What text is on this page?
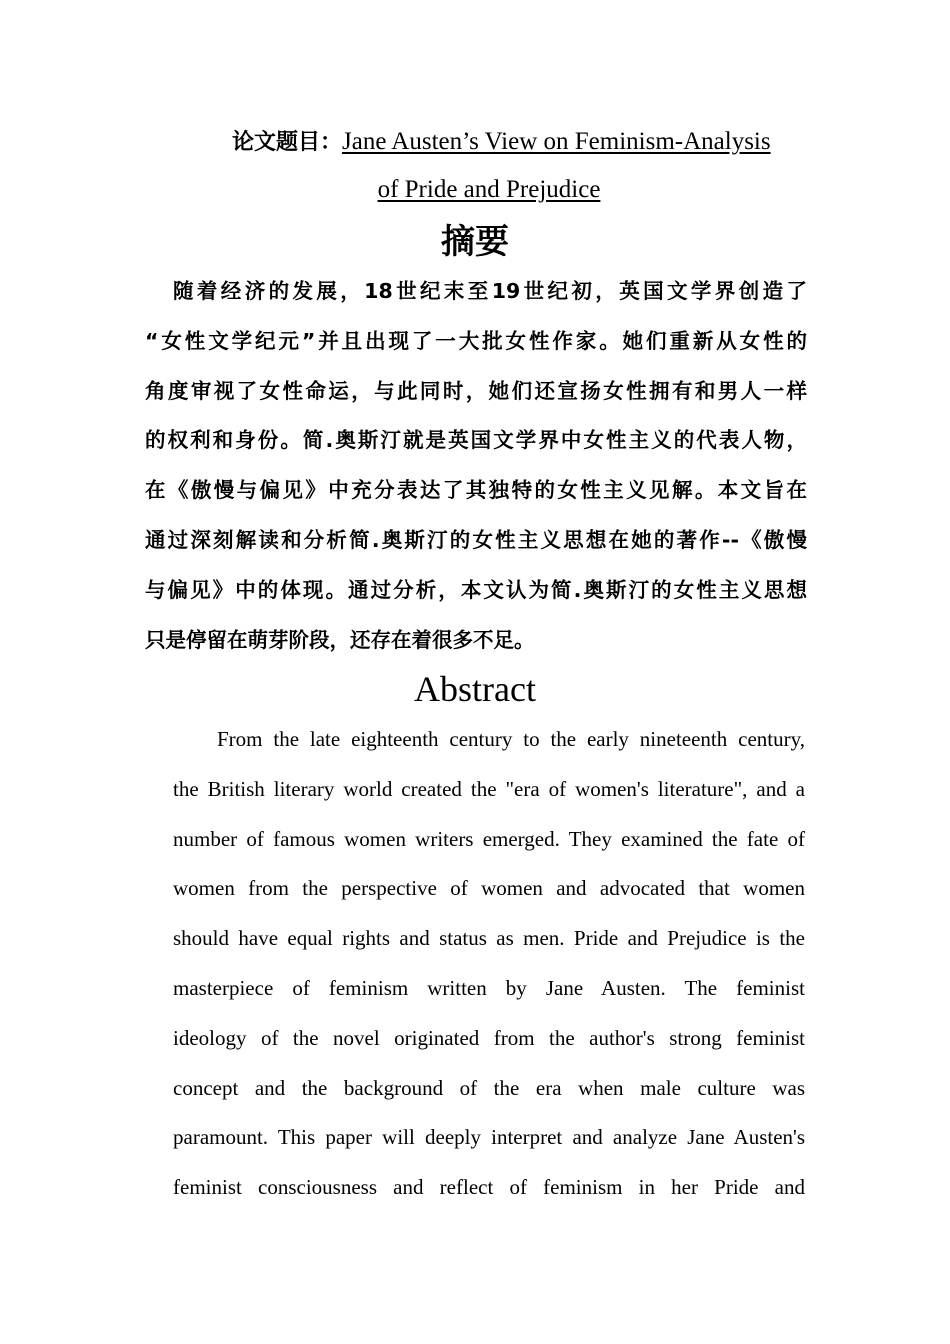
论文题目：Jane Austen’s View on Feminism-Analysis
of Pride and Prejudice
摘要
随着经济的发展，18世纪末至19世纪初，英国文学界创造了
“女性文学纪元”并且出现了一大批女性作家。她们重新从女性的
角度审视了女性命运，与此同时，她们还宣扬女性拥有和男人一样
的权利和身份。简.奥斯汀就是英国文学界中女性主义的代表人物，
在《傲慢与偏见》中充分表达了其独特的女性主义见解。本文旨在
通过深刻解读和分析简.奥斯汀的女性主义思想在她的著作--《傲慢
与偏见》中的体现。通过分析，本文认为简.奥斯汀的女性主义思想
只是停留在萌芽阶段，还存在着很多不足。
Abstract
From the late eighteenth century to the early nineteenth century,
the British literary world created the "era of women's literature", and a
number of famous women writers emerged. They examined the fate of
women from the perspective of women and advocated that women
should have equal rights and status as men. Pride and Prejudice is the
masterpiece of feminism written by Jane Austen. The feminist
ideology of the novel originated from the author's strong feminist
concept and the background of the era when male culture was
paramount. This paper will deeply interpret and analyze Jane Austen's
feminist consciousness and reflect of feminism in her Pride and
